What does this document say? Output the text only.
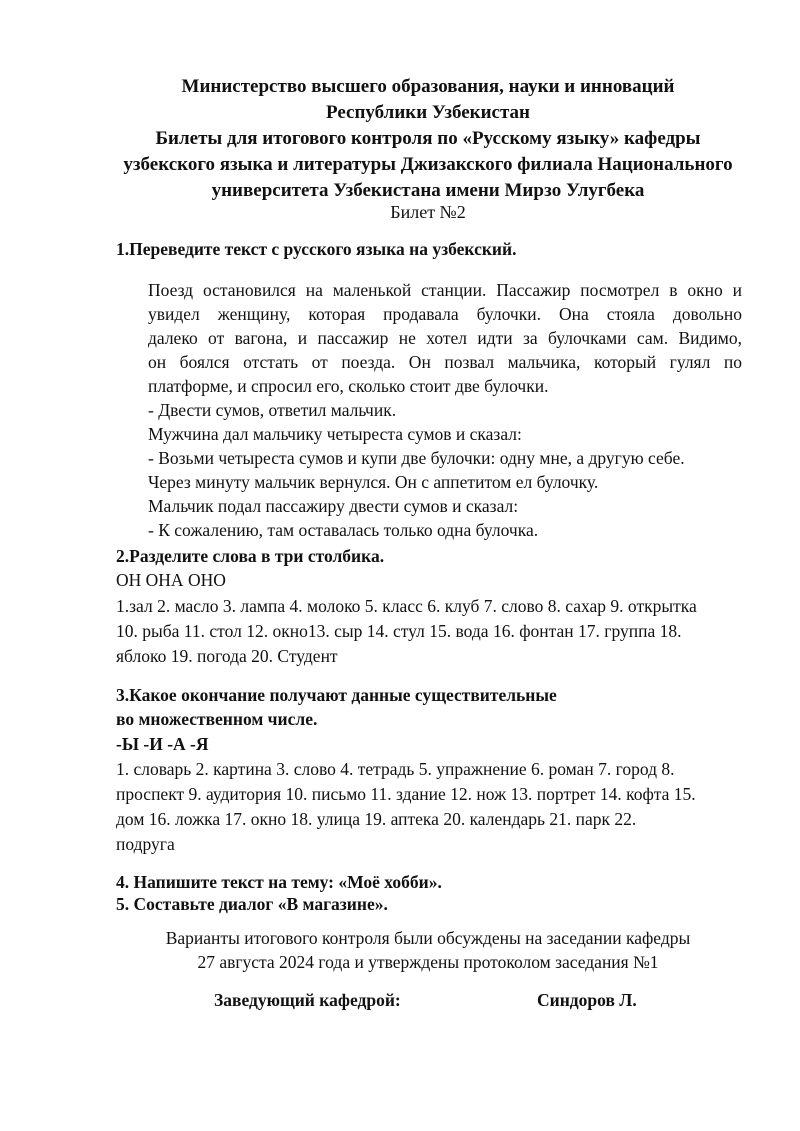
Министерство высшего образования, науки и инноваций
Республики Узбекистан
Билеты для итогового контроля по «Русскому языку» кафедры
узбекского языка и литературы Джизакского филиала Национального
университета Узбекистана имени Мирзо Улугбека
Билет №2
1.Переведите текст с русского языка на узбекский.
Поезд остановился на маленькой станции. Пассажир посмотрел в окно и
увидел женщину, которая продавала булочки. Она стояла довольно
далеко от вагона, и пассажир не хотел идти за булочками сам. Видимо,
он боялся отстать от поезда. Он позвал мальчика, который гулял по
платформе, и спросил его, сколько стоит две булочки.
- Двести сумов, ответил мальчик.
Мужчина дал мальчику четыреста сумов и сказал:
- Возьми четыреста сумов и купи две булочки: одну мне, а другую себе.
Через минуту мальчик вернулся. Он с аппетитом ел булочку.
Мальчик подал пассажиру двести сумов и сказал:
- К сожалению, там оставалась только одна булочка.
2.Разделите слова в три столбика.
ОН ОНА ОНО
1.зал 2. масло 3. лампа 4. молоко 5. класс 6. клуб 7. слово 8. сахар 9. открытка
10. рыба 11. стол 12. окно13. сыр 14. стул 15. вода 16. фонтан 17. группа 18.
яблоко 19. погода 20. Студент
3.Какое окончание получают данные существительные
во множественном числе.
-Ы -И -А -Я
1. словарь 2. картина 3. слово 4. тетрадь 5. упражнение 6. роман 7. город 8.
проспект 9. аудитория 10. письмо 11. здание 12. нож 13. портрет 14. кофта 15.
дом 16. ложка 17. окно 18. улица 19. аптека 20. календарь 21. парк 22.
подруга
4. Напишите текст на тему: «Моё хобби».
5. Составьте диалог «В магазине».
Варианты итогового контроля были обсуждены на заседании кафедры
27 августа 2024 года и утверждены протоколом заседания №1
Заведующий кафедрой:	Синдоров Л.
